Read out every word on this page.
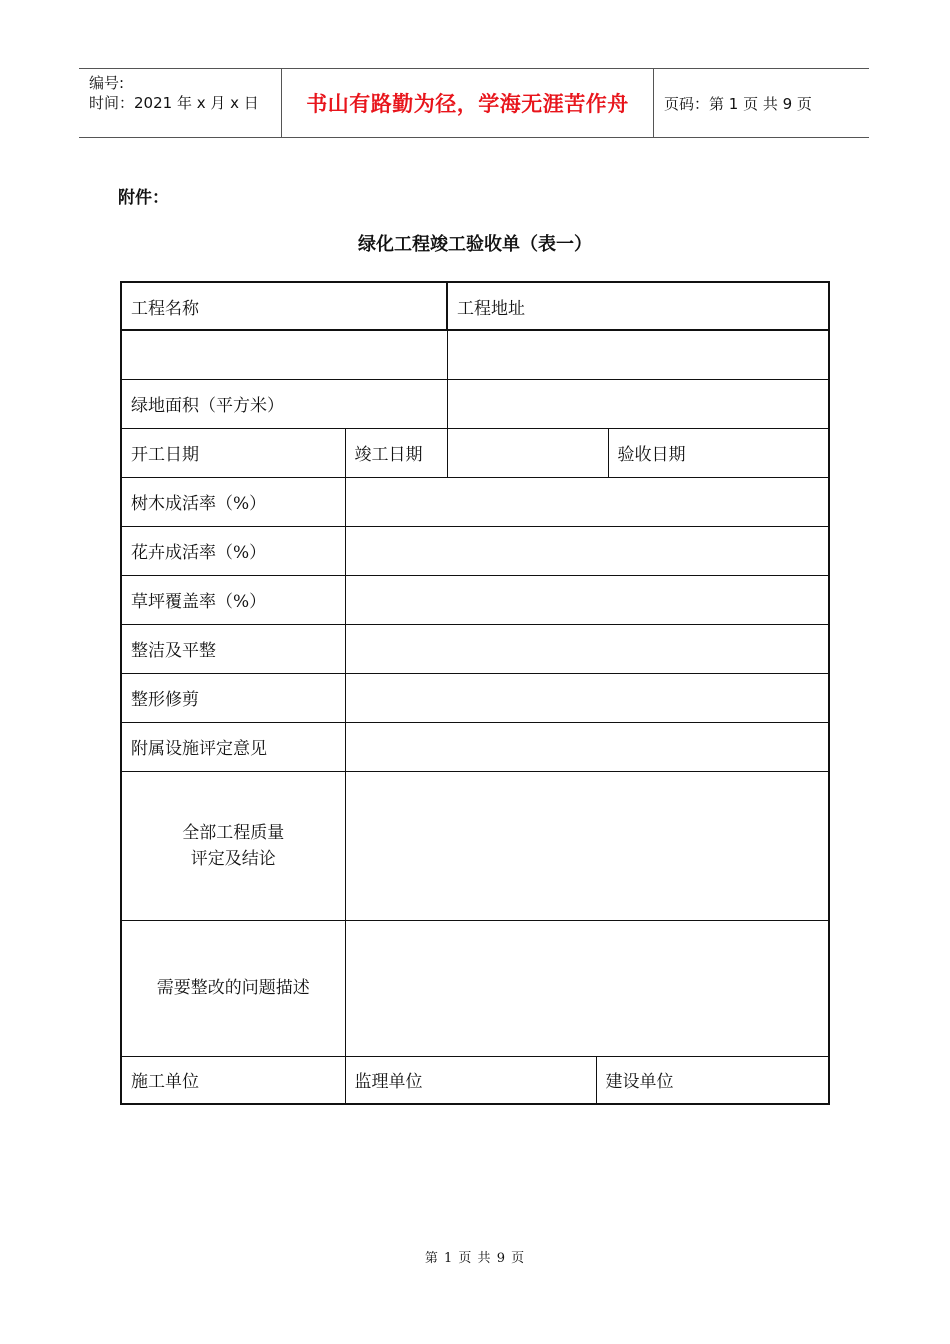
编号:
时间：2021 年 x 月 x 日	书山有路勤为径，学海无涯苦作舟	页码：第 1 页 共 9 页
附件：
绿化工程竣工验收单（表一）
工程名称		工程地址		

绿地面积（平方米）				
开工日期	竣工日期			验收日期
树木成活率（%）				
花卉成活率（%）				
草坪覆盖率（%）				
整洁及平整				
整形修剪				
附属设施评定意见				

全部工程质量
评定及结论				

需要整改的问题描述				
施工单位	监理单位		建设单位	
第 1 页 共 9 页
